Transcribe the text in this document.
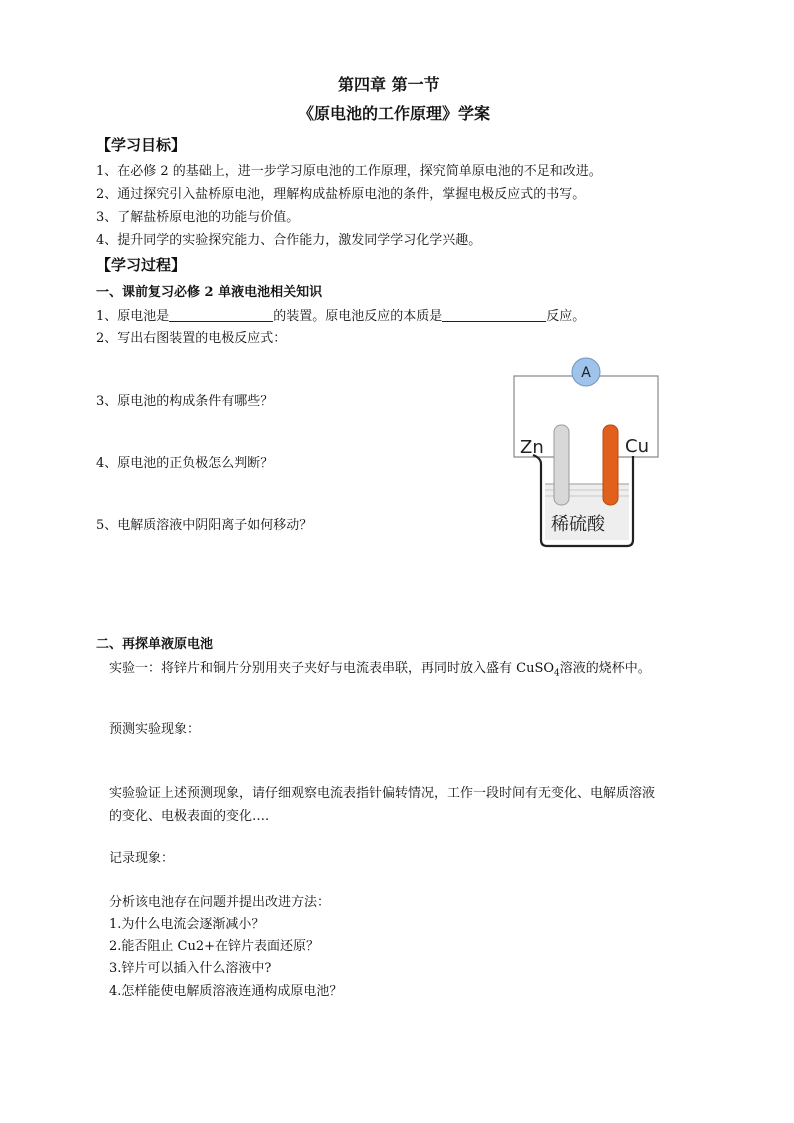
第四章 第一节
《原电池的工作原理》学案
【学习目标】
1、在必修 2 的基础上，进一步学习原电池的工作原理，探究简单原电池的不足和改进。
2、通过探究引入盐桥原电池，理解构成盐桥原电池的条件，掌握电极反应式的书写。
3、了解盐桥原电池的功能与价值。
4、提升同学的实验探究能力、合作能力，激发同学学习化学兴趣。
【学习过程】
一、课前复习必修 2 单液电池相关知识
1、原电池是	的装置。原电池反应的本质是	反应。
2、写出右图装置的电极反应式：
3、原电池的构成条件有哪些？
4、原电池的正负极怎么判断？
5、电解质溶液中阴阳离子如何移动？
A
Zn	Cu
稀硫酸
二、再探单液原电池
实验一：将锌片和铜片分别用夹子夹好与电流表串联，再同时放入盛有 CuSO$_4$溶液的烧杯中。
预测实验现象：
实验验证上述预测现象，请仔细观察电流表指针偏转情况，工作一段时间有无变化、电解质溶液
的变化、电极表面的变化….
记录现象：
分析该电池存在问题并提出改进方法：
1.为什么电流会逐渐减小？
2.能否阻止 Cu2+在锌片表面还原？
3.锌片可以插入什么溶液中?
4.怎样能使电解质溶液连通构成原电池？
